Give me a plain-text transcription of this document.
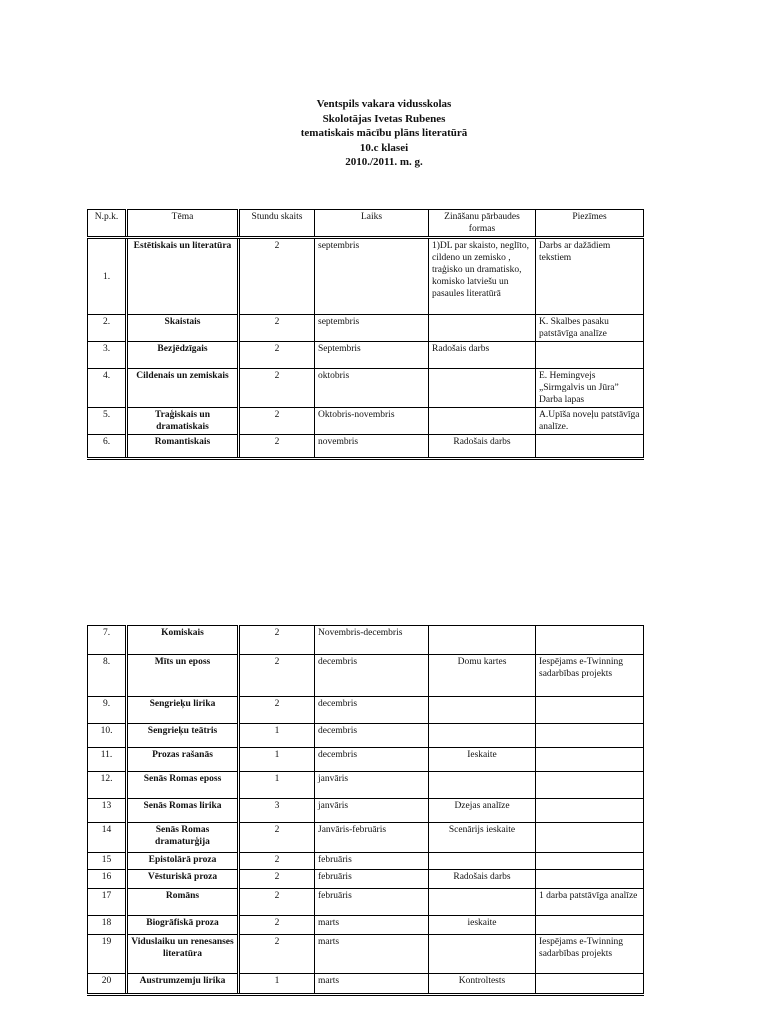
Ventspils vakara vidusskolas
Skolotājas Ivetas Rubenes
tematiskais mācību plāns literatūrā
10.c klasei
2010./2011. m. g.
N.p.k.	Tēma	Stundu skaits	Laiks	Zināšanu pārbaudes formas	Piezīmes
1.	Estētiskais un literatūra	2	septembris	1)DL par skaisto, neglīto, cildeno un zemisko , traģisko un dramatisko, komisko latviešu un pasaules literatūrā	Darbs ar dažādiem tekstiem
2.	Skaistais	2	septembris		K. Skalbes pasaku patstāvīga analīze
3.	Bezjēdzīgais	2	Septembris	Radošais darbs	
4.	Cildenais un zemiskais	2	oktobris		E. Hemingvejs „Sirmgalvis un Jūra” Darba lapas
5.	Traģiskais un dramatiskais	2	Oktobris-novembris		A.Upīša noveļu patstāvīga analīze.
6.	Romantiskais	2	novembris	Radošais darbs	
7.	Komiskais	2	Novembris-decembris		
8.	Mīts un eposs	2	decembris	Domu kartes	Iespējams e-Twinning sadarbības projekts
9.	Sengrieķu lirika	2	decembris		
10.	Sengrieķu teātris	1	decembris		
11.	Prozas rašanās	1	decembris	Ieskaite	
12.	Senās Romas eposs	1	janvāris		
13	Senās Romas lirika	3	janvāris	Dzejas analīze	
14	Senās Romas dramaturģija	2	Janvāris-februāris	Scenārijs ieskaite	
15	Epistolārā proza	2	februāris		
16	Vēsturiskā proza	2	februāris	Radošais darbs	
17	Romāns	2	februāris		1 darba patstāvīga analīze
18	Biogrāfiskā proza	2	marts	ieskaite	
19	Viduslaiku un renesanses literatūra	2	marts		Iespējams e-Twinning sadarbības projekts
20	Austrumzemju lirika	1	marts	Kontroltests	
